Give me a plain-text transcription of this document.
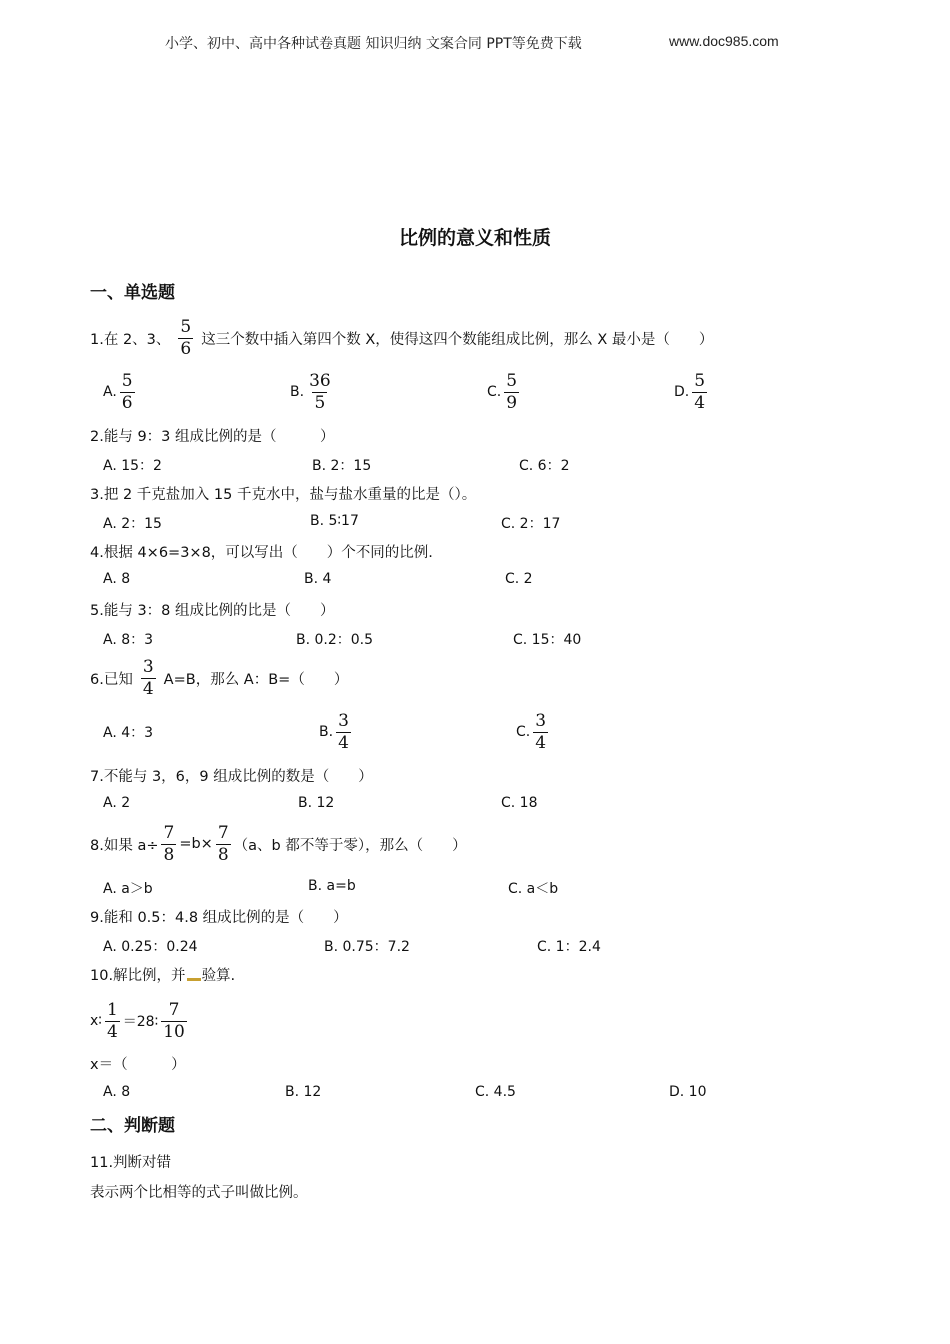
小学、初中、高中各种试卷真题 知识归纳 文案合同 PPT等免费下载	www.doc985.com
比例的意义和性质
一、单选题
1.在 2、3、 $\frac{5}{6}$ 这三个数中插入第四个数 X，使得这四个数能组成比例，那么 X 最小是（　　）
A. $\frac{5}{6}$	B. $\frac{36}{5}$	C. $\frac{5}{9}$	D. $\frac{5}{4}$
2.能与 9：3 组成比例的是（　　　）
A. 15：2	B. 2：15	C. 6：2
3.把 2 千克盐加入 15 千克水中，盐与盐水重量的比是（）。
A. 2：15	B. 5∶17	C. 2：17
4.根据 4×6=3×8，可以写出（　　）个不同的比例.
A. 8	B. 4	C. 2
5.能与 3：8 组成比例的比是（　　）
A. 8：3	B. 0.2：0.5	C. 15：40
6.已知 $\frac{3}{4} A=B$，那么 A：B=（　　）
A. 4：3	B. $\frac{3}{4}$	C. $\frac{3}{4}$
7.不能与 3，6，9 组成比例的数是（　　）
A. 2	B. 12	C. 18
8.如果 $a\div \frac{7}{8} =b\times \frac{7}{8} (a$、b 都不等于零），那么（　　）
A. a＞b	B. a=b	C. a＜b
9.能和 0.5：4.8 组成比例的是（　　）
A. 0.25：0.24	B. 0.75：7.2	C. 1：2.4
10.解比例，并 验算.
x∶ $\frac{1}{4}$ ＝28∶ $\frac{7}{10}$
x＝（　　　）
A. 8	B. 12	C. 4.5	D. 10
二、判断题
11.判断对错
表示两个比相等的式子叫做比例。
